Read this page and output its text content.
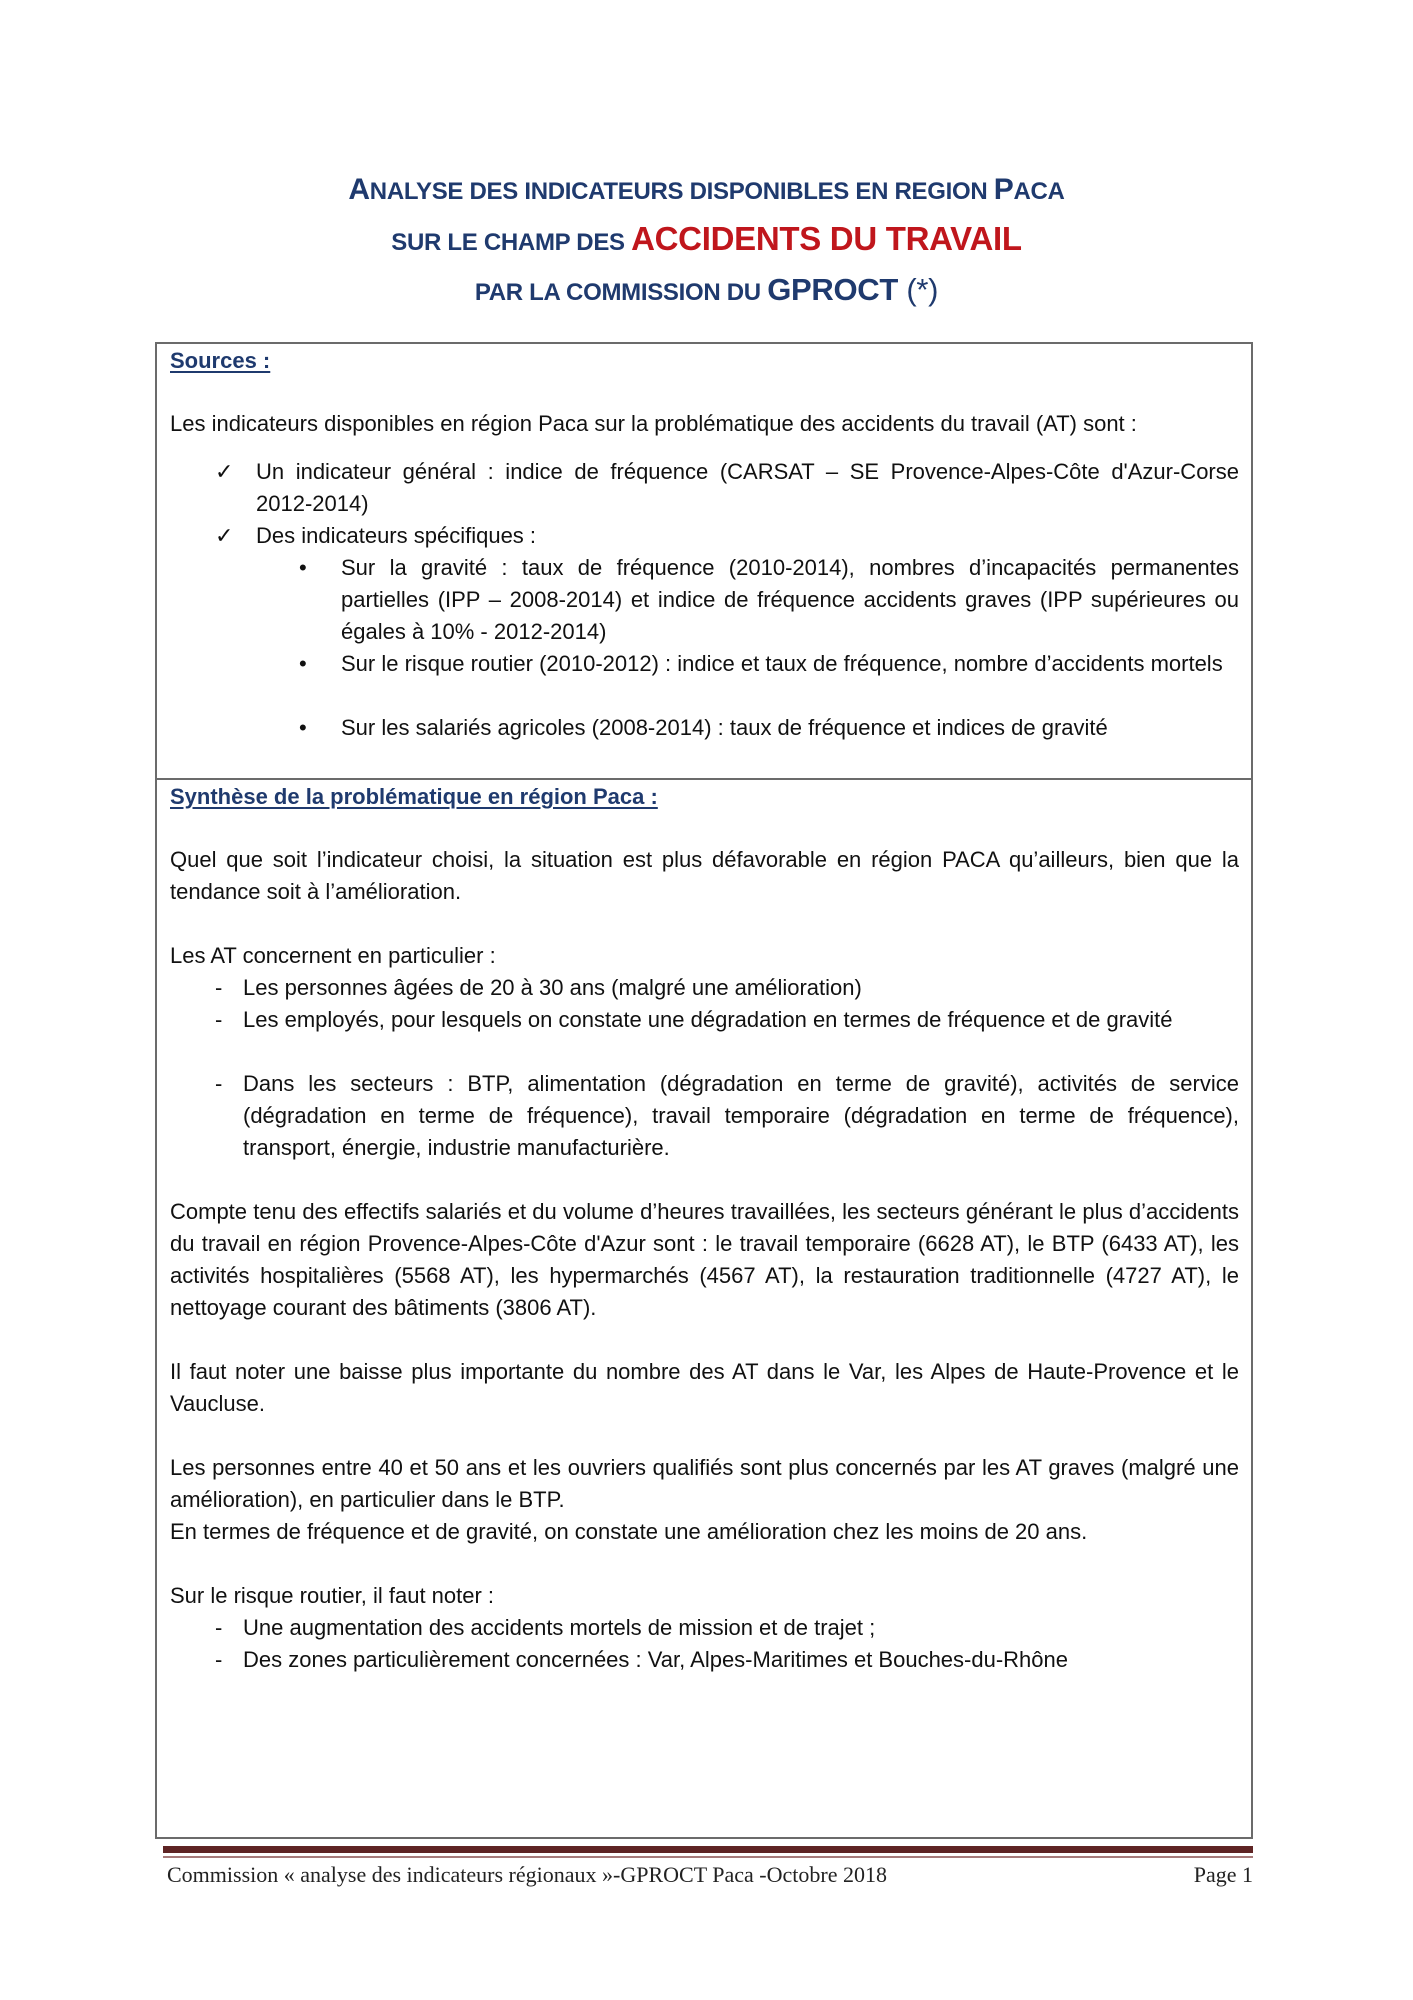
ANALYSE DES INDICATEURS DISPONIBLES EN REGION PACA
SUR LE CHAMP DES ACCIDENTS DU TRAVAIL
PAR LA COMMISSION DU GPROCT (*)
Sources :
Les indicateurs disponibles en région Paca sur la problématique des accidents du travail (AT) sont :
✓ Un indicateur général : indice de fréquence (CARSAT – SE Provence-Alpes-Côte d'Azur-Corse 2012-2014)
✓ Des indicateurs spécifiques :
• Sur la gravité : taux de fréquence (2010-2014), nombres d’incapacités permanentes partielles (IPP – 2008-2014) et indice de fréquence accidents graves (IPP supérieures ou égales à 10% - 2012-2014)
• Sur le risque routier (2010-2012) : indice et taux de fréquence, nombre d’accidents mortels
• Sur les salariés agricoles (2008-2014) : taux de fréquence et indices de gravité
Synthèse de la problématique en région Paca :
Quel que soit l’indicateur choisi, la situation est plus défavorable en région PACA qu’ailleurs, bien que la tendance soit à l’amélioration.
Les AT concernent en particulier :
- Les personnes âgées de 20 à 30 ans (malgré une amélioration)
- Les employés, pour lesquels on constate une dégradation en termes de fréquence et de gravité
- Dans les secteurs : BTP, alimentation (dégradation en terme de gravité), activités de service (dégradation en terme de fréquence), travail temporaire (dégradation en terme de fréquence), transport, énergie, industrie manufacturière.
Compte tenu des effectifs salariés et du volume d’heures travaillées, les secteurs générant le plus d’accidents du travail en région Provence-Alpes-Côte d'Azur sont : le travail temporaire (6628 AT), le BTP (6433 AT), les activités hospitalières (5568 AT), les hypermarchés (4567 AT), la restauration traditionnelle (4727 AT), le nettoyage courant des bâtiments (3806 AT).
Il faut noter une baisse plus importante du nombre des AT dans le Var, les Alpes de Haute-Provence et le Vaucluse.
Les personnes entre 40 et 50 ans et les ouvriers qualifiés sont plus concernés par les AT graves (malgré une amélioration), en particulier dans le BTP.
En termes de fréquence et de gravité, on constate une amélioration chez les moins de 20 ans.
Sur le risque routier, il faut noter :
- Une augmentation des accidents mortels de mission et de trajet ;
- Des zones particulièrement concernées : Var, Alpes-Maritimes et Bouches-du-Rhône
Commission « analyse des indicateurs régionaux »-GPROCT Paca -Octobre 2018	Page 1
